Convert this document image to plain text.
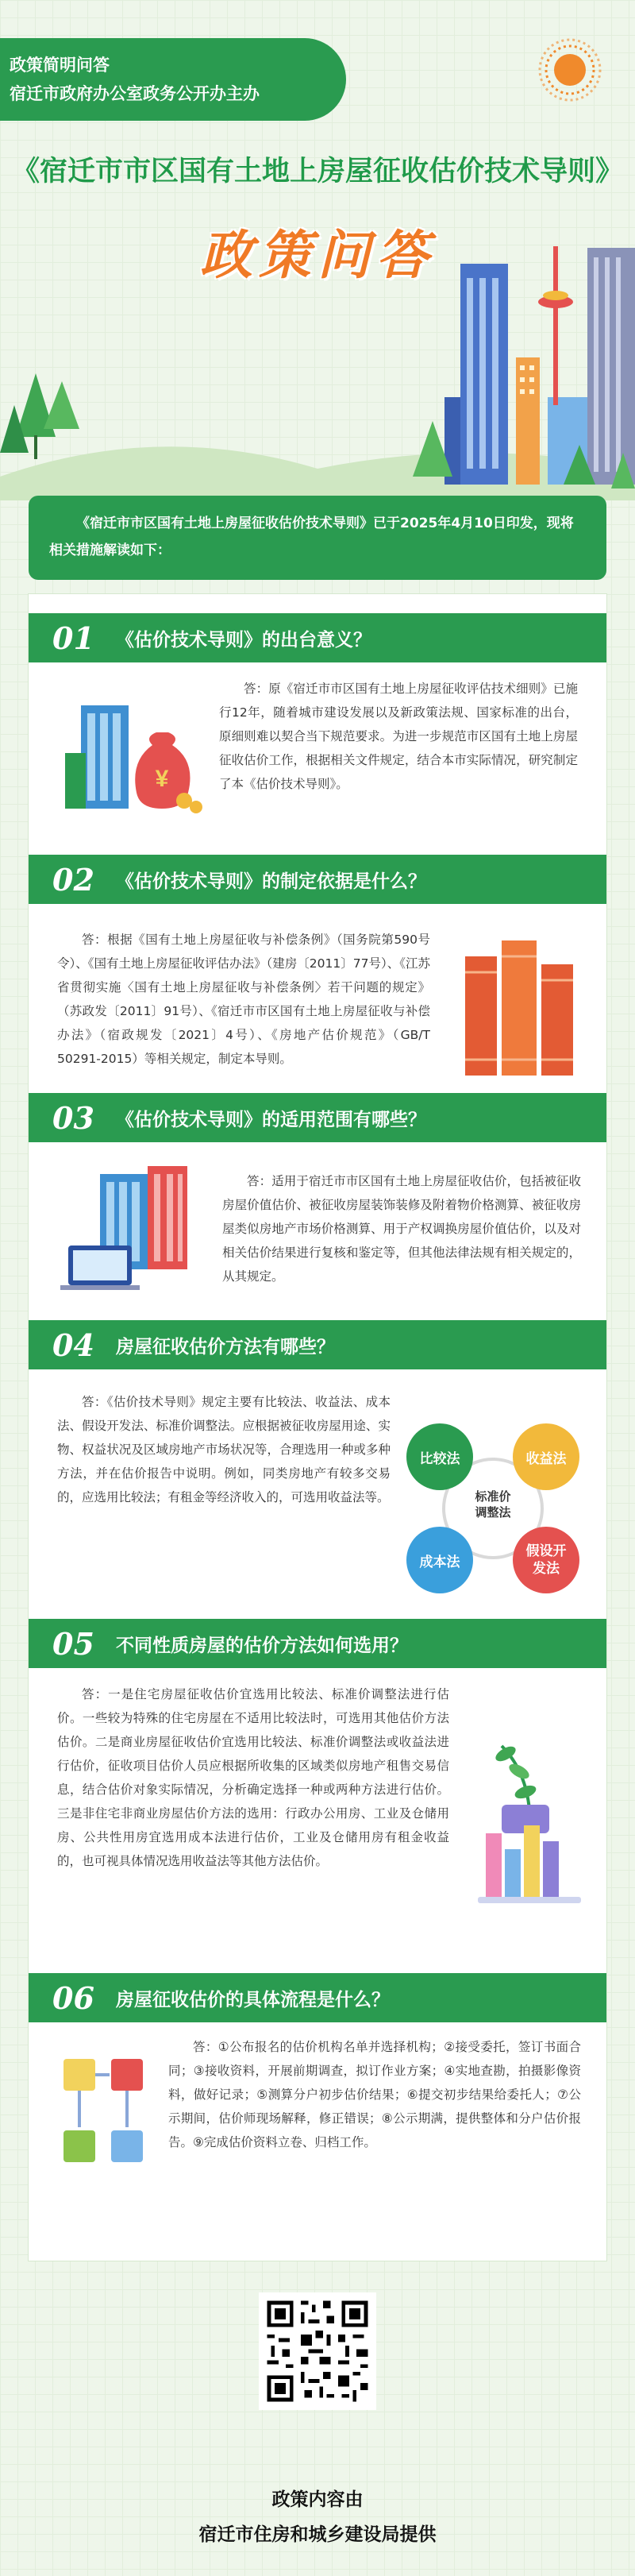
政策简明问答
宿迁市政府办公室政务公开办主办
《宿迁市市区国有土地上房屋征收估价技术导则》
政策问答
《宿迁市市区国有土地上房屋征收估价技术导则》已于2025年4月10日印发，现将相关措施解读如下：
01	《估价技术导则》的出台意义？
¥
答：原《宿迁市市区国有土地上房屋征收评估技术细则》已施行12年，随着城市建设发展以及新政策法规、国家标准的出台，原细则难以契合当下规范要求。为进一步规范市区国有土地上房屋征收估价工作，根据相关文件规定，结合本市实际情况，研究制定了本《估价技术导则》。
02	《估价技术导则》的制定依据是什么？
答：根据《国有土地上房屋征收与补偿条例》（国务院第590号令）、《国有土地上房屋征收评估办法》（建房〔2011〕77号）、《江苏省贯彻实施〈国有土地上房屋征收与补偿条例〉若干问题的规定》（苏政发〔2011〕91号）、《宿迁市市区国有土地上房屋征收与补偿办法》（宿政规发〔2021〕4号）、《房地产估价规范》（GB/T 50291-2015）等相关规定，制定本导则。
03	《估价技术导则》的适用范围有哪些？
答：适用于宿迁市市区国有土地上房屋征收估价，包括被征收房屋价值估价、被征收房屋装饰装修及附着物价格测算、被征收房屋类似房地产市场价格测算、用于产权调换房屋价值估价，以及对相关估价结果进行复核和鉴定等，但其他法律法规有相关规定的，从其规定。
04	房屋征收估价方法有哪些？
答：《估价技术导则》规定主要有比较法、收益法、成本法、假设开发法、标准价调整法。应根据被征收房屋用途、实物、权益状况及区域房地产市场状况等，合理选用一种或多种方法，并在估价报告中说明。例如，同类房地产有较多交易的，应选用比较法；有租金等经济收入的，可选用收益法等。	标准价调整法
比较法	收益法
假设开发法
成本法
05	不同性质房屋的估价方法如何选用？
答：一是住宅房屋征收估价宜选用比较法、标准价调整法进行估价。一些较为特殊的住宅房屋在不适用比较法时，可选用其他估价方法估价。二是商业房屋征收估价宜选用比较法、标准价调整法或收益法进行估价，征收项目估价人员应根据所收集的区域类似房地产租售交易信息，结合估价对象实际情况，分析确定选择一种或两种方法进行估价。三是非住宅非商业房屋估价方法的选用：行政办公用房、工业及仓储用房、公共性用房宜选用成本法进行估价，工业及仓储用房有租金收益的，也可视具体情况选用收益法等其他方法估价。
06	房屋征收估价的具体流程是什么？
答：①公布报名的估价机构名单并选择机构；②接受委托，签订书面合同；③接收资料，开展前期调查，拟订作业方案；④实地查勘，拍摄影像资料，做好记录；⑤测算分户初步估价结果；⑥提交初步结果给委托人；⑦公示期间，估价师现场解释，修正错误；⑧公示期满，提供整体和分户估价报告。⑨完成估价资料立卷、归档工作。
政策内容由
宿迁市住房和城乡建设局提供
